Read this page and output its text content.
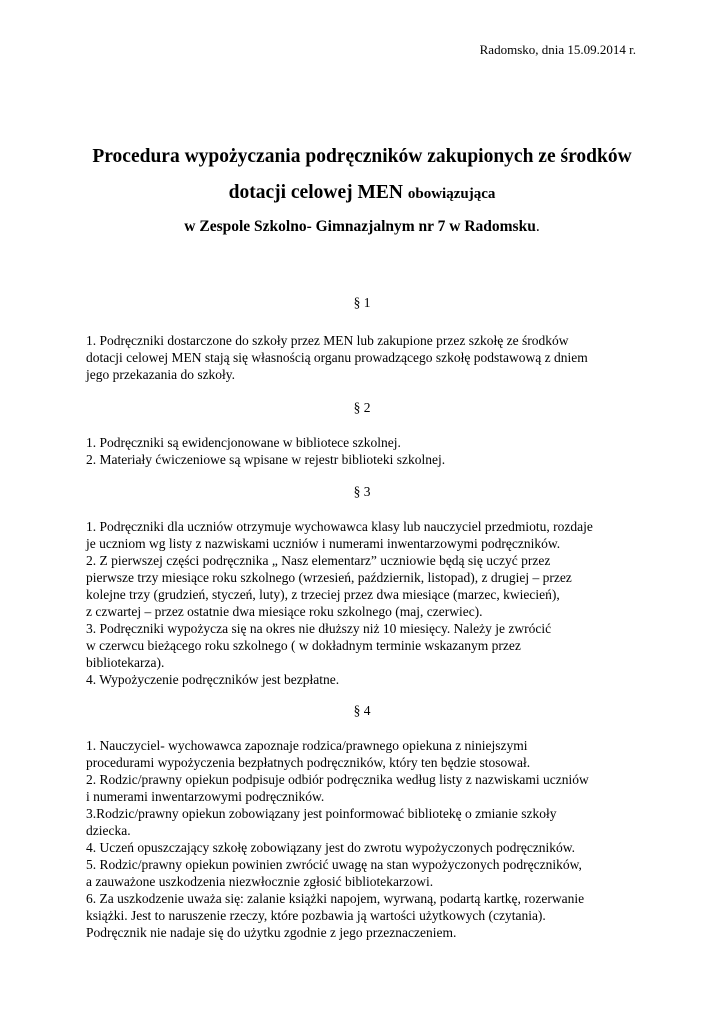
Radomsko, dnia 15.09.2014 r.
Procedura wypożyczania podręczników zakupionych ze środków
dotacji celowej MEN obowiązująca
w Zespole Szkolno- Gimnazjalnym nr 7 w Radomsku.
§ 1
1. Podręczniki dostarczone do szkoły przez MEN lub zakupione przez szkołę ze środków
dotacji celowej MEN stają się własnością organu prowadzącego szkołę podstawową z dniem
jego przekazania do szkoły.
§ 2
1. Podręczniki są ewidencjonowane w bibliotece szkolnej.
2. Materiały ćwiczeniowe są wpisane w rejestr biblioteki szkolnej.
§ 3
1. Podręczniki dla uczniów otrzymuje wychowawca klasy lub nauczyciel przedmiotu, rozdaje
je uczniom wg listy z nazwiskami uczniów i numerami inwentarzowymi podręczników.
2. Z pierwszej części podręcznika „ Nasz elementarz” uczniowie będą się uczyć przez
pierwsze trzy miesiące roku szkolnego (wrzesień, październik, listopad), z drugiej – przez
kolejne trzy (grudzień, styczeń, luty), z trzeciej przez dwa miesiące (marzec, kwiecień),
z czwartej – przez ostatnie dwa miesiące roku szkolnego (maj, czerwiec).
3. Podręczniki wypożycza się na okres nie dłuższy niż 10 miesięcy. Należy je zwrócić
w czerwcu bieżącego roku szkolnego ( w dokładnym terminie wskazanym przez
bibliotekarza).
4. Wypożyczenie podręczników jest bezpłatne.
§ 4
1. Nauczyciel- wychowawca zapoznaje rodzica/prawnego opiekuna z niniejszymi
procedurami wypożyczenia bezpłatnych podręczników, który ten będzie stosował.
2. Rodzic/prawny opiekun podpisuje odbiór podręcznika według listy z nazwiskami uczniów
i numerami inwentarzowymi podręczników.
3.Rodzic/prawny opiekun zobowiązany jest poinformować bibliotekę o zmianie szkoły
dziecka.
4. Uczeń opuszczający szkołę zobowiązany jest do zwrotu wypożyczonych podręczników.
5. Rodzic/prawny opiekun powinien zwrócić uwagę na stan wypożyczonych podręczników,
a zauważone uszkodzenia niezwłocznie zgłosić bibliotekarzowi.
6. Za uszkodzenie uważa się: zalanie książki napojem, wyrwaną, podartą kartkę, rozerwanie
książki. Jest to naruszenie rzeczy, które pozbawia ją wartości użytkowych (czytania).
Podręcznik nie nadaje się do użytku zgodnie z jego przeznaczeniem.
